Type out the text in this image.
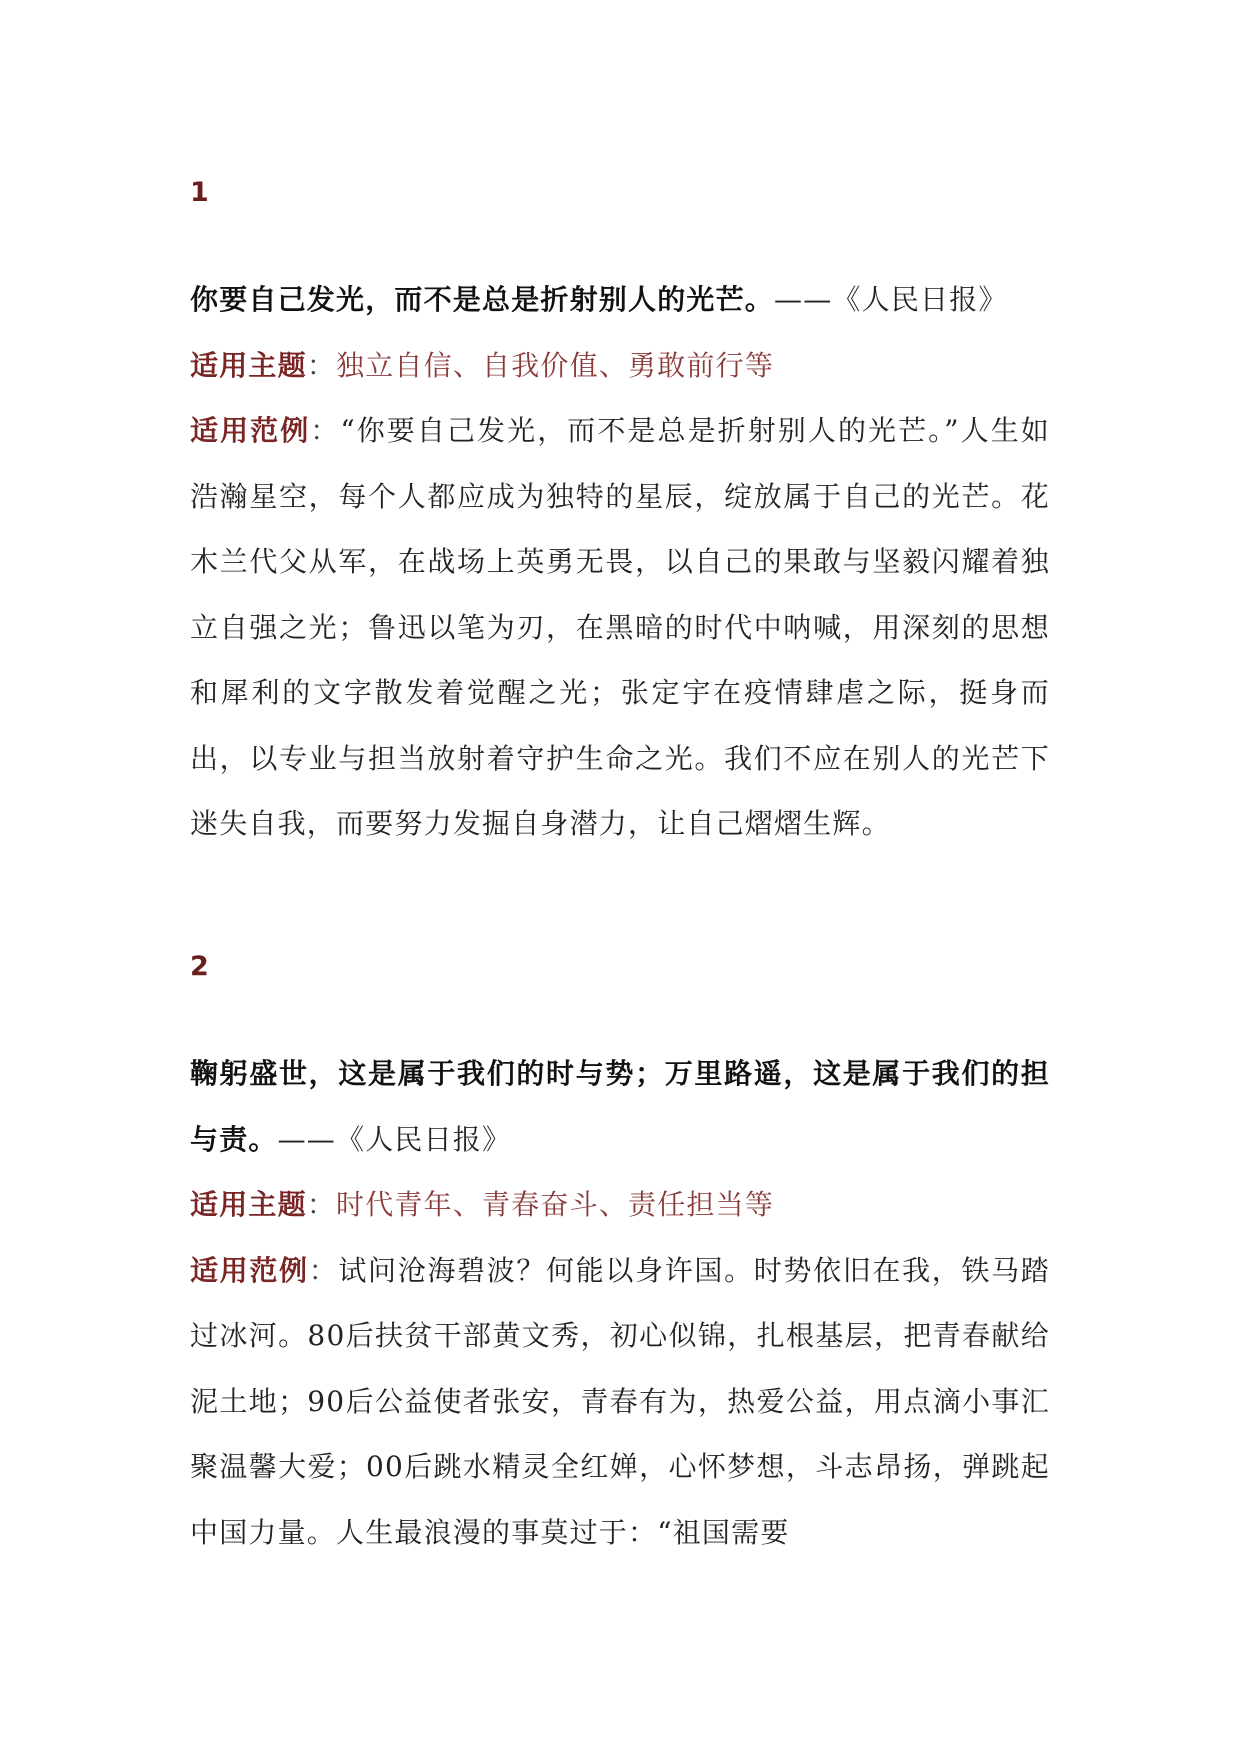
1

你要自己发光，而不是总是折射别人的光芒。——《人民日报》

适用主题：独立自信、自我价值、勇敢前行等

适用范例：“你要自己发光，而不是总是折射别人的光芒。”人生如浩瀚星空，每个人都应成为独特的星辰，绽放属于自己的光芒。花木兰代父从军，在战场上英勇无畏，以自己的果敢与坚毅闪耀着独立自强之光；鲁迅以笔为刃，在黑暗的时代中呐喊，用深刻的思想和犀利的文字散发着觉醒之光；张定宇在疫情肆虐之际，挺身而出，以专业与担当放射着守护生命之光。我们不应在别人的光芒下迷失自我，而要努力发掘自身潜力，让自己熠熠生辉。

2

鞠躬盛世，这是属于我们的时与势；万里路遥，这是属于我们的担与责。——《人民日报》

适用主题：时代青年、青春奋斗、责任担当等

适用范例：试问沧海碧波？何能以身许国。时势依旧在我，铁马踏过冰河。80后扶贫干部黄文秀，初心似锦，扎根基层，把青春献给泥土地；90后公益使者张安，青春有为，热爱公益，用点滴小事汇聚温馨大爱；00后跳水精灵全红婵，心怀梦想，斗志昂扬，弹跳起中国力量。人生最浪漫的事莫过于：“祖国需要
